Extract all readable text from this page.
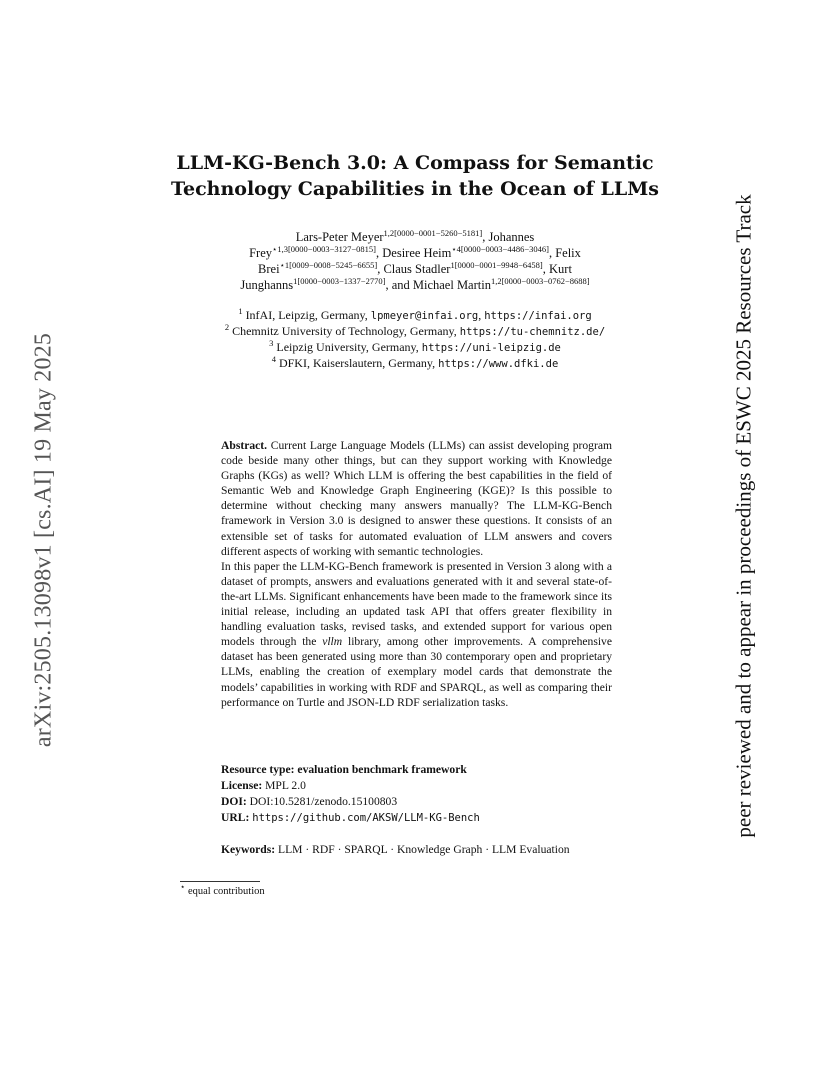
arXiv:2505.13098v1 [cs.AI] 19 May 2025	peer reviewed and to appear in proceedings of ESWC 2025 Resources Track
LLM-KG-Bench 3.0: A Compass for Semantic
Technology Capabilities in the Ocean of LLMs
Lars-Peter Meyer$^{1,2[0000-0001-5260-5181]}$, Johannes
Frey$^{⋆1,3[0000-0003-3127-0815]}$, Desiree Heim$^{⋆4[0000-0003-4486-3046]}$, Felix
Brei$^{⋆1[0009-0008-5245-6655]}$, Claus Stadler$^{1[0000-0001-9948-6458]}$, Kurt
Junghanns$^{1[0000-0003-1337-2770]}$, and Michael Martin$^{1,2[0000-0003-0762-8688]}$
$^1$ InfAI, Leipzig, Germany, lpmeyer@infai.org, https://infai.org
$^2$ Chemnitz University of Technology, Germany, https://tu-chemnitz.de/
$^3$ Leipzig University, Germany, https://uni-leipzig.de
$^4$ DFKI, Kaiserslautern, Germany, https://www.dfki.de

Abstract. Current Large Language Models (LLMs) can assist developing program code beside many other things, but can they support working with Knowledge Graphs (KGs) as well? Which LLM is offering the best capabilities in the field of Semantic Web and Knowledge Graph Engineering (KGE)? Is this possible to determine without checking many answers manually? The LLM-KG-Bench framework in Version 3.0 is designed to answer these questions. It consists of an extensible set of tasks for automated evaluation of LLM answers and covers different aspects of working with semantic technologies.

In this paper the LLM-KG-Bench framework is presented in Version 3 along with a dataset of prompts, answers and evaluations generated with it and several state-of-the-art LLMs. Significant enhancements have been made to the framework since its initial release, including an updated task API that offers greater flexibility in handling evaluation tasks, revised tasks, and extended support for various open models through the vllm library, among other improvements. A comprehensive dataset has been generated using more than 30 contemporary open and proprietary LLMs, enabling the creation of exemplary model cards that demonstrate the models’ capabilities in working with RDF and SPARQL, as well as comparing their performance on Turtle and JSON-LD RDF serialization tasks.

Resource type: evaluation benchmark framework
License: MPL 2.0
DOI: DOI:10.5281/zenodo.15100803
URL: https://github.com/AKSW/LLM-KG-Bench
Keywords: LLM · RDF · SPARQL · Knowledge Graph · LLM Evaluation
⋆ equal contribution
